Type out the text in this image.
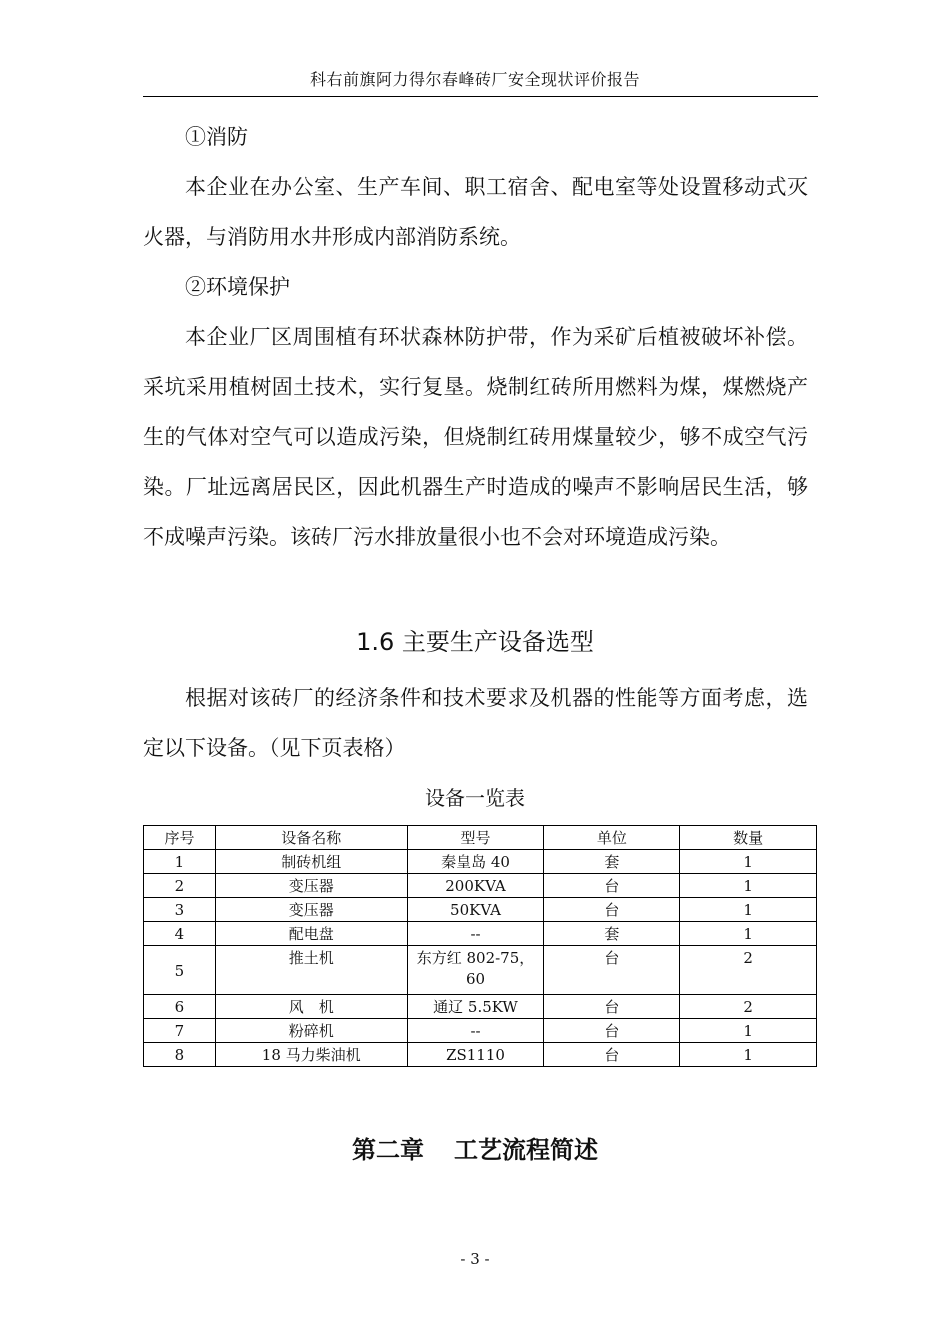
科右前旗阿力得尔春峰砖厂安全现状评价报告

①消防

本企业在办公室、生产车间、职工宿舍、配电室等处设置移动式灭火器，与消防用水井形成内部消防系统。

②环境保护

本企业厂区周围植有环状森林防护带，作为采矿后植被破坏补偿。采坑采用植树固土技术，实行复垦。烧制红砖所用燃料为煤，煤燃烧产生的气体对空气可以造成污染，但烧制红砖用煤量较少，够不成空气污染。厂址远离居民区，因此机器生产时造成的噪声不影响居民生活，够不成噪声污染。该砖厂污水排放量很小也不会对环境造成污染。

1.6 主要生产设备选型

根据对该砖厂的经济条件和技术要求及机器的性能等方面考虑，选定以下设备。（见下页表格）

设备一览表
序号	设备名称	型号	单位	数量
1	制砖机组	秦皇岛 40	套	1
2	变压器	200KVA	台	1
3	变压器	50KVA	台	1
4	配电盘	--	套	1
5	推土机	东方红 802-75，60	台	2
6	风　机	通辽 5.5KW	台	2
7	粉碎机	--	台	1
8	18 马力柴油机	ZS1110	台	1
第二章 工艺流程简述
- 3 -
